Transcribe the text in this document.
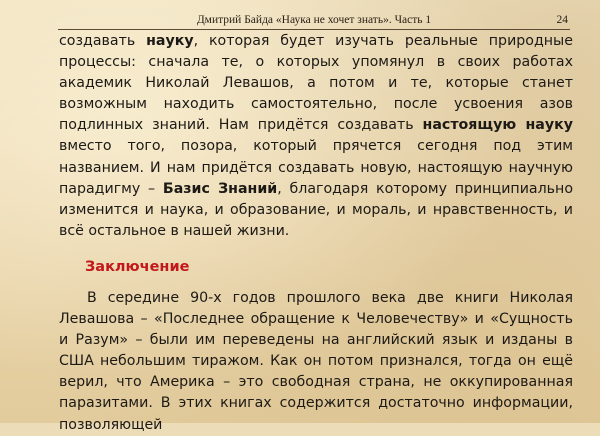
Дмитрий Байда «Наука не хочет знать». Часть 1	24

создавать науку, которая будет изучать реальные природные процессы: сначала те, о которых упомянул в своих работах академик Николай Левашов, а потом и те, которые станет возможным находить самостоятельно, после усвоения азов подлинных знаний. Нам придётся создавать настоящую науку вместо того, позора, который прячется сегодня под этим названием. И нам придётся создавать новую, настоящую научную парадигму – Базис Знаний, благодаря которому принципиально изменится и наука, и образование, и мораль, и нравственность, и всё остальное в нашей жизни.

Заключение

В середине 90-х годов прошлого века две книги Николая Левашова – «Последнее обращение к Человечеству» и «Сущность и Разум» – были им переведены на английский язык и изданы в США небольшим тиражом. Как он потом признался, тогда он ещё верил, что Америка – это свободная страна, не оккупированная паразитами. В этих книгах содержится достаточно информации, позволяющей
